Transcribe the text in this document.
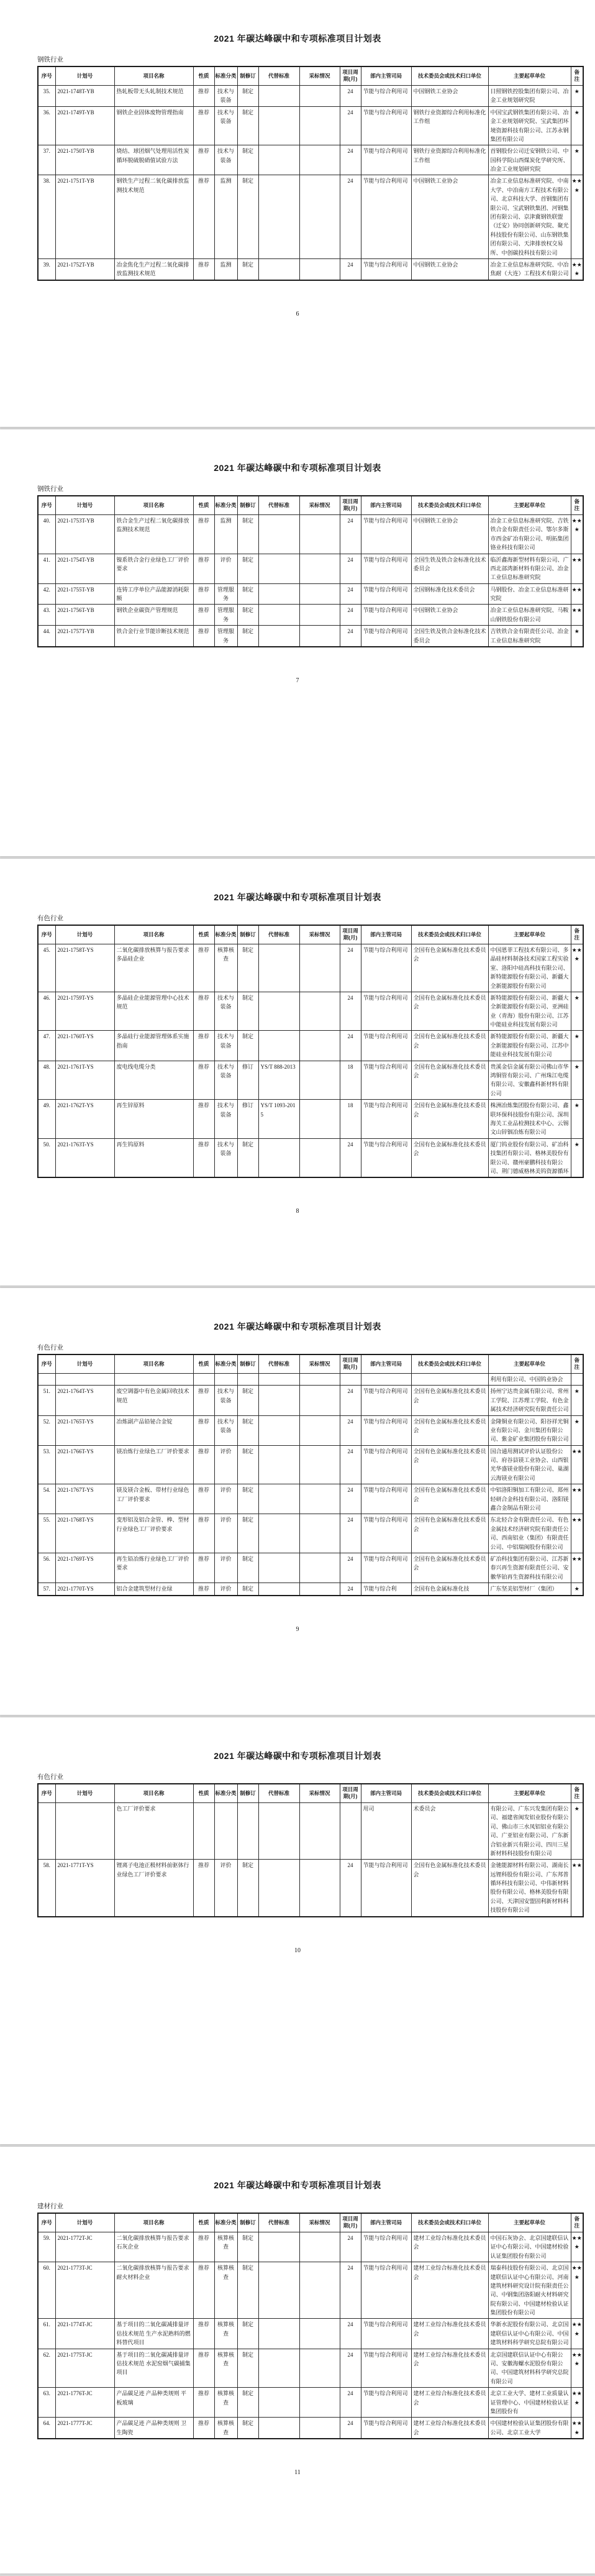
2021 年碳达峰碳中和专项标准项目计划表
钢铁行业
序号	计划号	项目名称	性质	标准分类	制修订	代替标准	采标情况	项目周期(月)	部内主管司局	技术委员会或技术归口单位	主要起草单位	备注
35.	2021-1748T-YB	热轧板带无头轧制技术规范	推荐	技术与装备	制定			24	节能与综合利用司	中国钢铁工业协会	日照钢铁控股集团有限公司、冶金工业规划研究院	★
36.	2021-1749T-YB	钢铁企业固体废物管理指南	推荐	技术与装备	制定			24	节能与综合利用司	钢铁行业资源综合利用标准化工作组	中国宝武钢铁集团有限公司、冶金工业规划研究院、宝武集团环境资源科技有限公司、江苏永钢集团有限公司	★
37.	2021-1750T-YB	烧结、球团烟气处理用活性炭循环脱硫脱硝值试验方法	推荐	技术与装备	制定			24	节能与综合利用司	钢铁行业资源综合利用标准化工作组	首钢股份公司迁安钢铁公司、中国科学院山西煤炭化学研究所、冶金工业规划研究院	★
38.	2021-1751T-YB	钢铁生产过程二氧化碳排放监测技术规范	推荐	监测	制定			24	节能与综合利用司	中国钢铁工业协会	冶金工业信息标准研究院、中南大学、中冶南方工程技术有限公司、北京科技大学、首钢集团有限公司、宝武钢铁集团、河钢集团有限公司、京津冀钢铁联盟（迁安）协同创新研究院、聚光科技股份有限公司、山东钢铁集团有限公司、天津排放权交易所、中创碳投科技有限公司	★★★
39.	2021-1752T-YB	冶金焦化生产过程二氧化碳排放监测技术规范	推荐	监测	制定			24	节能与综合利用司	中国钢铁工业协会	冶金工业信息标准研究院、中冶焦耐（大连）工程技术有限公司	★★★
6
2021 年碳达峰碳中和专项标准项目计划表
钢铁行业
序号	计划号	项目名称	性质	标准分类	制修订	代替标准	采标情况	项目周期(月)	部内主管司局	技术委员会或技术归口单位	主要起草单位	备注
40.	2021-1753T-YB	铁合金生产过程二氧化碳排放监测技术规范	推荐	监测	制定			24	节能与综合利用司	中国钢铁工业协会	冶金工业信息标准研究院、吉铁铁合金有限责任公司、鄂尔多斯市西金矿冶有限公司、明拓集团铬业科技有限公司	★★★
41.	2021-1754T-YB	镍系铁合金行业绿色工厂评价要求	推荐	评价	制定			24	节能与综合利用司	全国生铁及铁合金标准化技术委员会	临沂鑫海新型材料有限公司、广西北部湾新材料有限公司、冶金工业信息标准研究院	★★
42.	2021-1755T-YB	连铸工序单位产品能源消耗限额	推荐	管理服务	制定			24	节能与综合利用司	全国钢标准化技术委员会	马钢股份、冶金工业信息标准研究院	★★
43.	2021-1756T-YB	钢铁企业碳资产管理规范	推荐	管理服务	制定			24	节能与综合利用司	中国钢铁工业协会	冶金工业信息标准研究院、马鞍山钢铁股份有限公司	★★
44.	2021-1757T-YB	铁合金行业节能诊断技术规范	推荐	管理服务	制定			24	节能与综合利用司	全国生铁及铁合金标准化技术委员会	吉铁铁合金有限责任公司、冶金工业信息标准研究院	★
7
2021 年碳达峰碳中和专项标准项目计划表
有色行业
序号	计划号	项目名称	性质	标准分类	制修订	代替标准	采标情况	项目周期(月)	部内主管司局	技术委员会或技术归口单位	主要起草单位	备注
45.	2021-1758T-YS	二氧化碳排放核算与报告要求 多晶硅企业	推荐	核算核查	制定			24	节能与综合利用司	全国有色金属标准化技术委员会	中国恩菲工程技术有限公司、多晶硅材料制备技术国家工程实验室、洛阳中硅高科技有限公司、新特能源股份有限公司、新疆大全新能源股份有限公司	★★★
46.	2021-1759T-YS	多晶硅企业能源管理中心技术规范	推荐	技术与装备	制定			24	节能与综合利用司	全国有色金属标准化技术委员会	新特能源股份有限公司、新疆大全新能源股份有限公司、亚洲硅业（青海）股份有限公司、江苏中能硅业科技发展有限公司	★
47.	2021-1760T-YS	多晶硅行业能源管理体系实施指南	推荐	技术与装备	制定			24	节能与综合利用司	全国有色金属标准化技术委员会	新特能源股份有限公司、新疆大全新能源股份有限公司、江苏中能硅业科技发展有限公司	★
48.	2021-1761T-YS	废电线电缆分类	推荐	技术与装备	修订	YS/T 888-2013		18	节能与综合利用司	全国有色金属标准化技术委员会	贵溪金信金属有限公司佛山市华鸿铜管有限公司、广州珠江电缆有限公司、安徽鑫科新材料有限公司	★
49.	2021-1762T-YS	再生锌原料	推荐	技术与装备	修订	YS/T 1093-2015		18	节能与综合利用司	全国有色金属标准化技术委员会	株洲冶炼集团股份有限公司、鑫联环保科技股份有限公司、深圳海关工业品检测技术中心、云锡文山锌铟冶炼有限公司	★
50.	2021-1763T-YS	再生钨原料	推荐	技术与装备	制定			24	节能与综合利用司	全国有色金属标准化技术委员会	厦门钨业股份有限公司、矿冶科技集团有限公司、格林美股份有限公司、赣州豪鹏科技有限公司、荆门德威格林美钨资源循环	★
8
2021 年碳达峰碳中和专项标准项目计划表
有色行业
序号	计划号	项目名称	性质	标准分类	制修订	代替标准	采标情况	项目周期(月)	部内主管司局	技术委员会或技术归口单位	主要起草单位	备注
											利用有限公司、中国钨业协会	
51.	2021-1764T-YS	废空调器中有色金属回收技术规范	推荐	技术与装备	制定			24	节能与综合利用司	全国有色金属标准化技术委员会	扬州宁达贵金属有限公司、常州工学院、江苏理工学院、有色金属技术经济研究院有限责任公司	★
52.	2021-1765T-YS	冶炼副产品铅铋合金锭	推荐	技术与装备	制定			24	节能与综合利用司	全国有色金属标准化技术委员会	金隆铜业有限公司、阳谷祥光铜业有限公司、金川集团有限公司、紫金矿业集团股份有限公司	★
53.	2021-1766T-YS	镁冶炼行业绿色工厂评价要求	推荐	评价	制定			24	节能与综合利用司	全国有色金属标准化技术委员会	国合通用测试评价认证股份公司、府谷县镁工业协会、山西银光华盛镁业股份有限公司、巢湖云海镁业有限公司	★★
54.	2021-1767T-YS	镁及镁合金板、带材行业绿色工厂评价要求	推荐	评价	制定			24	节能与综合利用司	全国有色金属标准化技术委员会	中铝洛阳铜加工有限公司、郑州轻研合金科技有限公司、洛阳镁鑫合金制品有限公司	★★
55.	2021-1768T-YS	变形铝及铝合金管、棒、型材行业绿色工厂评价要求	推荐	评价	制定			24	节能与综合利用司	全国有色金属标准化技术委员会	东北轻合金有限责任公司、有色金属技术经济研究院有限责任公司、西南铝业（集团）有限责任公司、中铝瑞闽股份有限公司	★★
56.	2021-1769T-YS	再生铅冶炼行业绿色工厂评价要求	推荐	评价	制定			24	节能与综合利用司	全国有色金属标准化技术委员会	矿冶科技集团有限公司、江苏新春兴再生资源有限责任公司、安徽华铂再生资源科技有限公司	★★
57.	2021-1770T-YS	铝合金建筑型材行业绿	推荐	评价	制定			24	节能与综合利	全国有色金属标准化技	广东坚美铝型材厂（集团）	★
9
2021 年碳达峰碳中和专项标准项目计划表
有色行业
序号	计划号	项目名称	性质	标准分类	制修订	代替标准	采标情况	项目周期(月)	部内主管司局	技术委员会或技术归口单位	主要起草单位	备注
		色工厂评价要求							用司	术委员会	有限公司、广东兴发集团有限公司、福建省闽发铝业股份有限公司、佛山市三水凤铝铝业有限公司、广亚铝业有限公司、广东新合铝业新兴有限公司、四川三星新材料科技股份有限公司	★
58.	2021-1771T-YS	锂离子电池正极材料前驱体行业绿色工厂评价要求	推荐	评价	制定			24	节能与综合利用司	全国有色金属标准化技术委员会	金驰能源材料有限公司、湖南长远锂科股份有限公司、广东邦普循环科技有限公司、中伟新材料股份有限公司、格林美股份有限公司、天津国安盟固利新材料科技股份有限公司	★★
10
2021 年碳达峰碳中和专项标准项目计划表
建材行业
序号	计划号	项目名称	性质	标准分类	制修订	代替标准	采标情况	项目周期(月)	部内主管司局	技术委员会或技术归口单位	主要起草单位	备注
59.	2021-1772T-JC	二氧化碳排放核算与报告要求 石灰企业	推荐	核算核查	制定			24	节能与综合利用司	建材工业综合标准化技术委员会	中国石灰协会、北京国建联信认证中心有限公司、中国建材检验认证集团股份有限公司	★★★
60.	2021-1773T-JC	二氧化碳排放核算与报告要求 耐火材料企业	推荐	核算核查	制定			24	节能与综合利用司	建材工业综合标准化技术委员会	瑞泰科技股份有限公司、北京国建联信认证中心有限公司、河南建筑材料研究设计院有限责任公司、中钢集团洛阳耐火材料研究院有限公司、中国建材检验认证集团股份有限公司	★★★
61.	2021-1774T-JC	基于项目的二氧化碳减排量评估技术规范 生产水泥熟料的燃料替代项目	推荐	核算核查	制定			24	节能与综合利用司	建材工业综合标准化技术委员会	华新水泥股份有限公司、北京国建联信认证中心有限公司、中国建筑材料科学研究总院有限公司	★★★
62.	2021-1775T-JC	基于项目的二氧化碳减排量评估技术规范 水泥窑烟气碳捕集项目	推荐	核算核查	制定			24	节能与综合利用司	建材工业综合标准化技术委员会	北京国建联信认证中心有限公司、安徽海螺水泥股份有限公司、中国建筑材料科学研究总院有限公司	★★★
63.	2021-1776T-JC	产品碳足迹 产品种类规则 平板玻璃	推荐	核算核查	制定			24	节能与综合利用司	建材工业综合标准化技术委员会	北京工业大学、建材工业质量认证管理中心、中国建材检验认证集团股份有	★★★
64.	2021-1777T-JC	产品碳足迹 产品种类规则 卫生陶瓷	推荐	核算核查	制定			24	节能与综合利用司	建材工业综合标准化技术委员会	中国建材检验认证集团股份有限公司、北京工业大学	★★★
11
